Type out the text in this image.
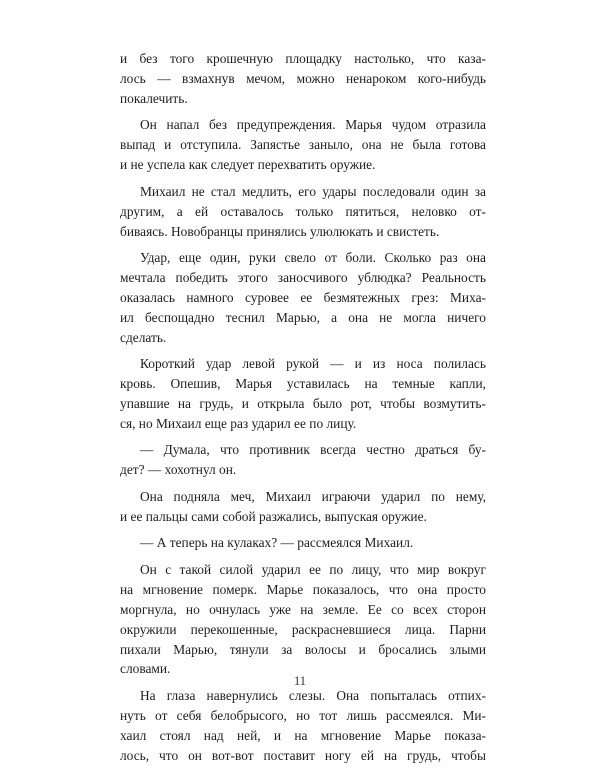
и без того крошечную площадку настолько, что каза-
лось — взмахнув мечом, можно ненароком кого-нибудь
покалечить.
Он напал без предупреждения. Марья чудом отразила
выпад и отступила. Запястье заныло, она не была готова
и не успела как следует перехватить оружие.
Михаил не стал медлить, его удары последовали один за
другим, а ей оставалось только пятиться, неловко от-
биваясь. Новобранцы принялись улюлюкать и свистеть.
Удар, еще один, руки свело от боли. Сколько раз она
мечтала победить этого заносчивого ублюдка? Реальность
оказалась намного суровее ее безмятежных грез: Миха-
ил беспощадно теснил Марью, а она не могла ничего
сделать.
Короткий удар левой рукой — и из носа полилась
кровь. Опешив, Марья уставилась на темные капли,
упавшие на грудь, и открыла было рот, чтобы возмутить-
ся, но Михаил еще раз ударил ее по лицу.
— Думала, что противник всегда честно драться бу-
дет? — хохотнул он.
Она подняла меч, Михаил играючи ударил по нему,
и ее пальцы сами собой разжались, выпуская оружие.
— А теперь на кулаках? — рассмеялся Михаил.
Он с такой силой ударил ее по лицу, что мир вокруг
на мгновение померк. Марье показалось, что она просто
моргнула, но очнулась уже на земле. Ее со всех сторон
окружили перекошенные, раскрасневшиеся лица. Парни
пихали Марью, тянули за волосы и бросались злыми
словами.
На глаза навернулись слезы. Она попыталась отпих-
нуть от себя белобрысого, но тот лишь рассмеялся. Ми-
хаил стоял над ней, и на мгновение Марье показа-
лось, что он вот-вот поставит ногу ей на грудь, чтобы
11
